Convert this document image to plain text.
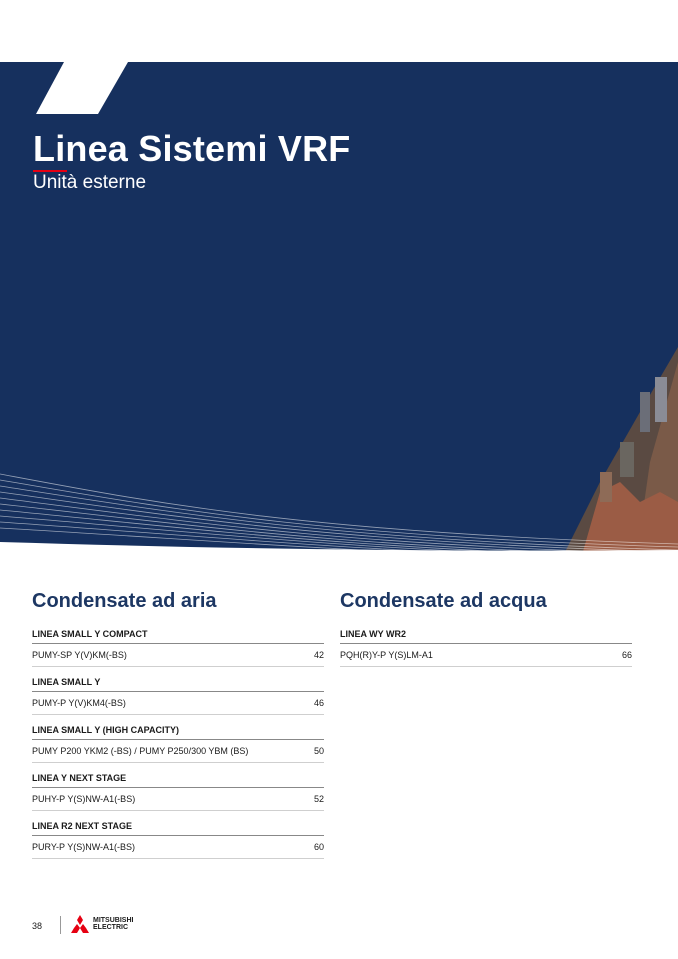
Linea Sistemi VRF
Unità esterne
Condensate ad aria
LINEA SMALL Y COMPACT
PUMY-SP Y(V)KM(-BS)	42
LINEA SMALL Y
PUMY-P Y(V)KM4(-BS)	46
LINEA SMALL Y (HIGH CAPACITY)
PUMY P200 YKM2 (-BS) / PUMY P250/300 YBM (BS)	50
LINEA Y NEXT STAGE
PUHY-P Y(S)NW-A1(-BS)	52
LINEA R2 NEXT STAGE
PURY-P Y(S)NW-A1(-BS)	60
Condensate ad acqua
LINEA WY WR2
PQH(R)Y-P Y(S)LM-A1	66
38
MITSUBISHI
ELECTRIC
